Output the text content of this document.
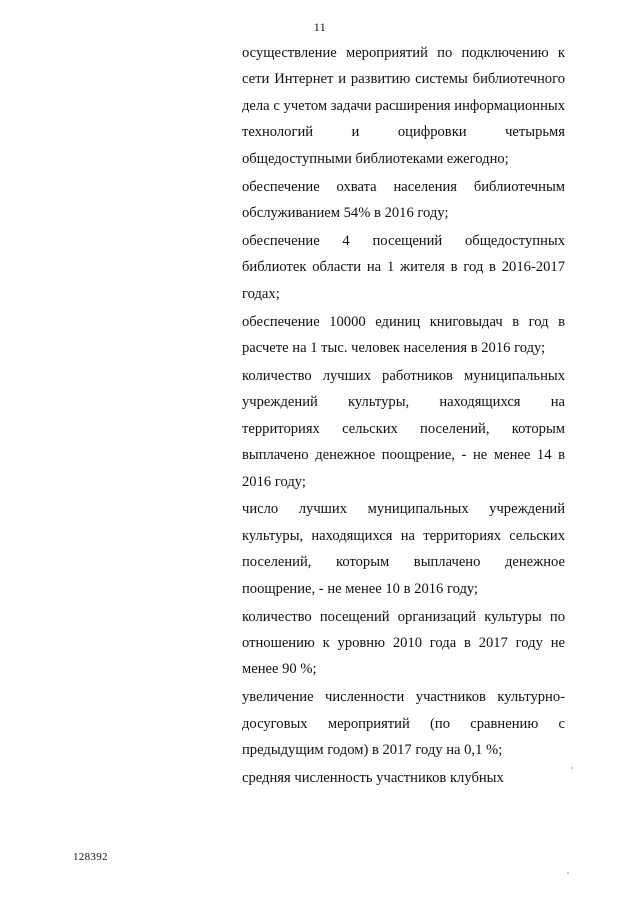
11

осуществление мероприятий по подключению к сети Интернет и развитию системы библиотечного дела с учетом задачи расширения информационных технологий и оцифровки четырьмя общедоступными библиотеками ежегодно;

обеспечение охвата населения библиотечным обслуживанием 54% в 2016 году;

обеспечение 4 посещений общедоступных библиотек области на 1 жителя в год в 2016-2017 годах;

обеспечение 10000 единиц книговыдач в год в расчете на 1 тыс. человек населения в 2016 году;

количество лучших работников муниципальных учреждений культуры, находящихся на территориях сельских поселений, которым выплачено денежное поощрение, - не менее 14 в 2016 году;

число лучших муниципальных учреждений культуры, находящихся на территориях сельских поселений, которым выплачено денежное поощрение, - не менее 10 в 2016 году;

количество посещений организаций культуры по отношению к уровню 2010 года в 2017 году не менее 90 %;

увеличение численности участников культурно-досуговых мероприятий (по сравнению с предыдущим годом) в 2017 году на 0,1 %;

средняя численность участников клубных

128392
